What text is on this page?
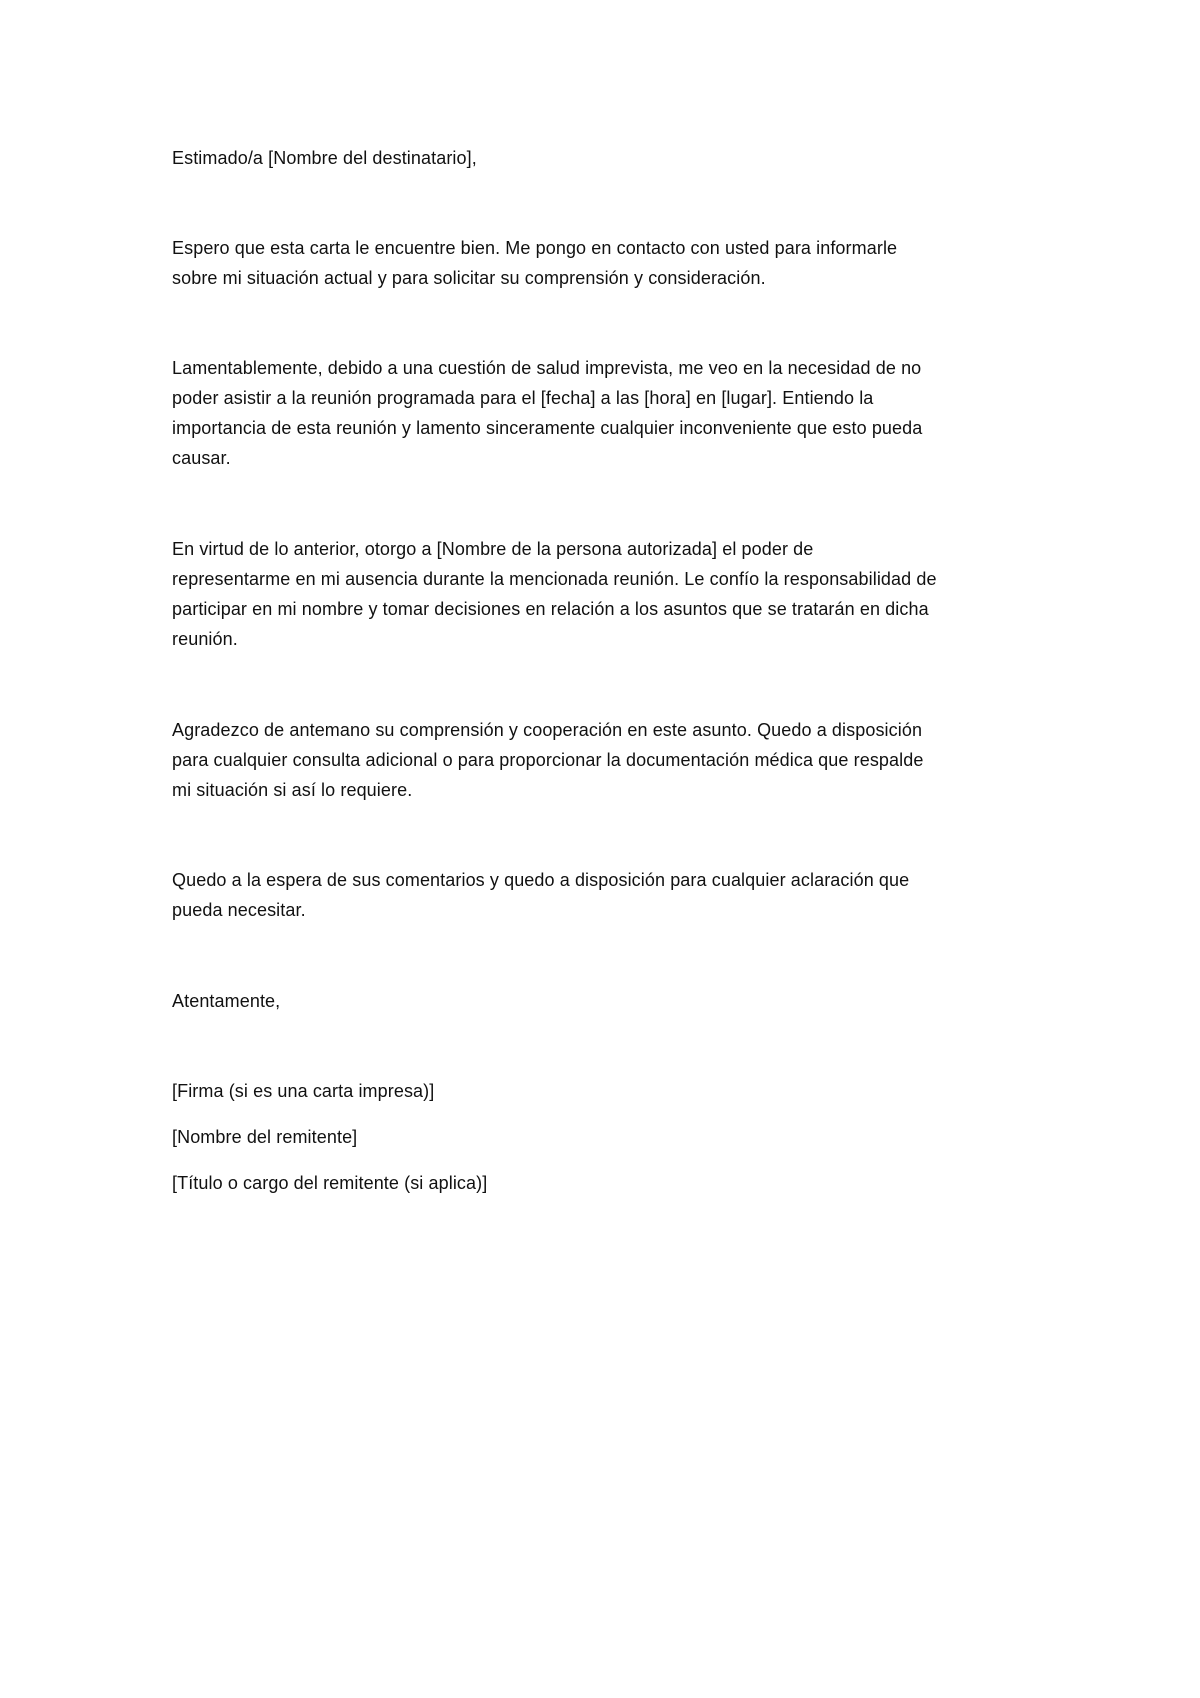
Estimado/a [Nombre del destinatario],

Espero que esta carta le encuentre bien. Me pongo en contacto con usted para informarle

sobre mi situación actual y para solicitar su comprensión y consideración.

Lamentablemente, debido a una cuestión de salud imprevista, me veo en la necesidad de no

poder asistir a la reunión programada para el [fecha] a las [hora] en [lugar]. Entiendo la

importancia de esta reunión y lamento sinceramente cualquier inconveniente que esto pueda

causar.

En virtud de lo anterior, otorgo a [Nombre de la persona autorizada] el poder de

representarme en mi ausencia durante la mencionada reunión. Le confío la responsabilidad de

participar en mi nombre y tomar decisiones en relación a los asuntos que se tratarán en dicha

reunión.

Agradezco de antemano su comprensión y cooperación en este asunto. Quedo a disposición

para cualquier consulta adicional o para proporcionar la documentación médica que respalde

mi situación si así lo requiere.

Quedo a la espera de sus comentarios y quedo a disposición para cualquier aclaración que

pueda necesitar.

Atentamente,

[Firma (si es una carta impresa)]

[Nombre del remitente]

[Título o cargo del remitente (si aplica)]
